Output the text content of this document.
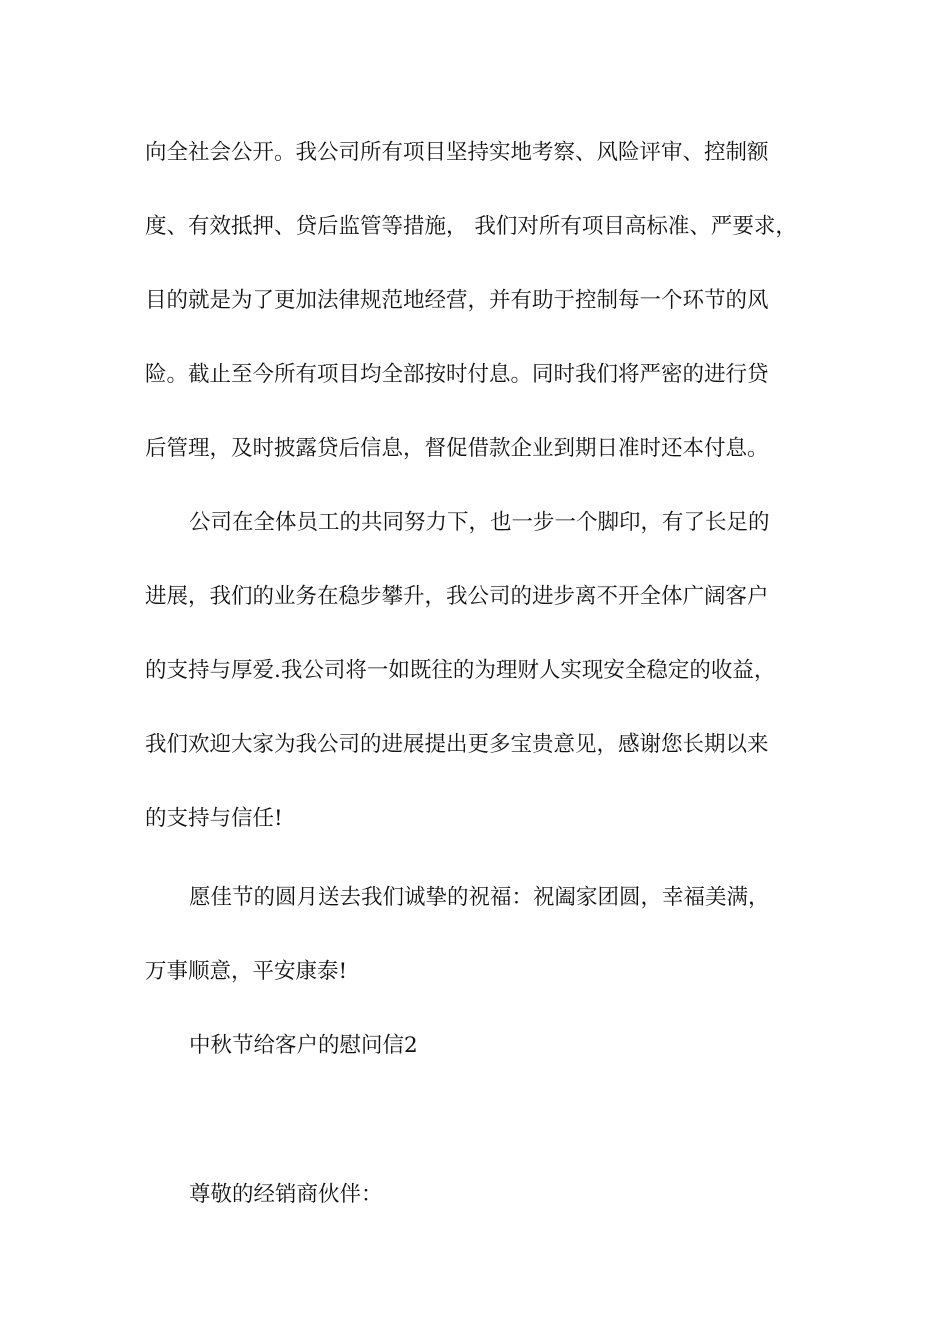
向全社会公开。我公司所有项目坚持实地考察、风险评审、控制额

度、有效抵押、贷后监管等措施， 我们对所有项目高标准、严要求，

目的就是为了更加法律规范地经营，并有助于控制每一个环节的风

险。截止至今所有项目均全部按时付息。同时我们将严密的进行贷

后管理，及时披露贷后信息，督促借款企业到期日准时还本付息。

公司在全体员工的共同努力下，也一步一个脚印，有了长足的

进展，我们的业务在稳步攀升，我公司的进步离不开全体广阔客户

的支持与厚爱.我公司将一如既往的为理财人实现安全稳定的收益，

我们欢迎大家为我公司的进展提出更多宝贵意见，感谢您长期以来

的支持与信任!

愿佳节的圆月送去我们诚挚的祝福：祝阖家团圆，幸福美满，

万事顺意，平安康泰!

中秋节给客户的慰问信2

尊敬的经销商伙伴：
